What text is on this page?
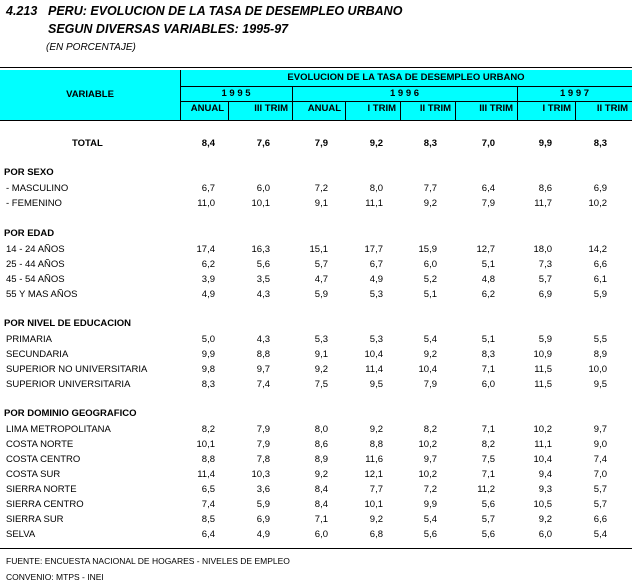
4.213 PERU: EVOLUCION DE LA TASA DE DESEMPLEO URBANO
SEGUN DIVERSAS VARIABLES: 1995-97
(EN PORCENTAJE)
VARIABLE
EVOLUCION DE LA TASA DE DESEMPLEO URBANO
1 9 9 5	1 9 9 6	1 9 9 7
ANUAL	III TRIM	ANUAL	I TRIM	II TRIM	III TRIM	I TRIM	II TRIM
TOTAL	8,4	7,6	7,9	9,2	8,3	7,0	9,9	8,3
POR SEXO
- MASCULINO	6,7	6,0	7,2	8,0	7,7	6,4	8,6	6,9
- FEMENINO	11,0	10,1	9,1	11,1	9,2	7,9	11,7	10,2
POR EDAD
14 - 24 AÑOS	17,4	16,3	15,1	17,7	15,9	12,7	18,0	14,2
25 - 44 AÑOS	6,2	5,6	5,7	6,7	6,0	5,1	7,3	6,6
45 - 54 AÑOS	3,9	3,5	4,7	4,9	5,2	4,8	5,7	6,1
55 Y MAS AÑOS	4,9	4,3	5,9	5,3	5,1	6,2	6,9	5,9
POR NIVEL DE EDUCACION
PRIMARIA	5,0	4,3	5,3	5,3	5,4	5,1	5,9	5,5
SECUNDARIA	9,9	8,8	9,1	10,4	9,2	8,3	10,9	8,9
SUPERIOR NO UNIVERSITARIA	9,8	9,7	9,2	11,4	10,4	7,1	11,5	10,0
SUPERIOR UNIVERSITARIA	8,3	7,4	7,5	9,5	7,9	6,0	11,5	9,5
POR DOMINIO GEOGRAFICO
LIMA METROPOLITANA	8,2	7,9	8,0	9,2	8,2	7,1	10,2	9,7
COSTA NORTE	10,1	7,9	8,6	8,8	10,2	8,2	11,1	9,0
COSTA CENTRO	8,8	7,8	8,9	11,6	9,7	7,5	10,4	7,4
COSTA SUR	11,4	10,3	9,2	12,1	10,2	7,1	9,4	7,0
SIERRA NORTE	6,5	3,6	8,4	7,7	7,2	11,2	9,3	5,7
SIERRA CENTRO	7,4	5,9	8,4	10,1	9,9	5,6	10,5	5,7
SIERRA SUR	8,5	6,9	7,1	9,2	5,4	5,7	9,2	6,6
SELVA	6,4	4,9	6,0	6,8	5,6	5,6	6,0	5,4
FUENTE: ENCUESTA NACIONAL DE HOGARES - NIVELES DE EMPLEO
CONVENIO: MTPS - INEI
